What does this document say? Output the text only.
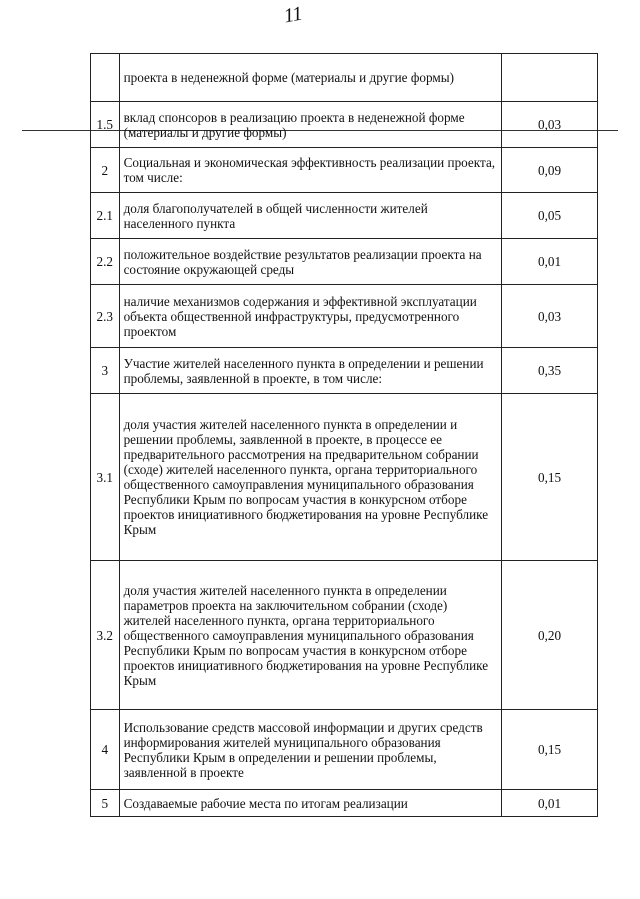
11
	проекта в неденежной форме (материалы и другие формы)	
1.5	вклад спонсоров в реализацию проекта в неденежной форме (материалы и другие формы)	0,03
2	Социальная и экономическая эффективность реализации проекта, том числе:	0,09
2.1	доля благополучателей в общей численности жителей населенного пункта	0,05
2.2	положительное воздействие результатов реализации проекта на состояние окружающей среды	0,01
2.3	наличие механизмов содержания и эффективной эксплуатации объекта общественной инфраструктуры, предусмотренного проектом	0,03
3	Участие жителей населенного пункта в определении и решении проблемы, заявленной в проекте, в том числе:	0,35
3.1	доля участия жителей населенного пункта в определении и решении проблемы, заявленной в проекте, в процессе ее предварительного рассмотрения на предварительном собрании (сходе) жителей населенного пункта, органа территориального общественного самоуправления муниципального образования Республики Крым по вопросам участия в конкурсном отборе проектов инициативного бюджетирования на уровне Республике Крым	0,15
3.2	доля участия жителей населенного пункта в определении параметров проекта на заключительном собрании (сходе) жителей населенного пункта, органа территориального общественного самоуправления муниципального образования Республики Крым по вопросам участия в конкурсном отборе проектов инициативного бюджетирования на уровне Республике Крым	0,20
4	Использование средств массовой информации и других средств информирования жителей муниципального образования Республики Крым в определении и решении проблемы, заявленной в проекте	0,15
5	Создаваемые рабочие места по итогам реализации	0,01
